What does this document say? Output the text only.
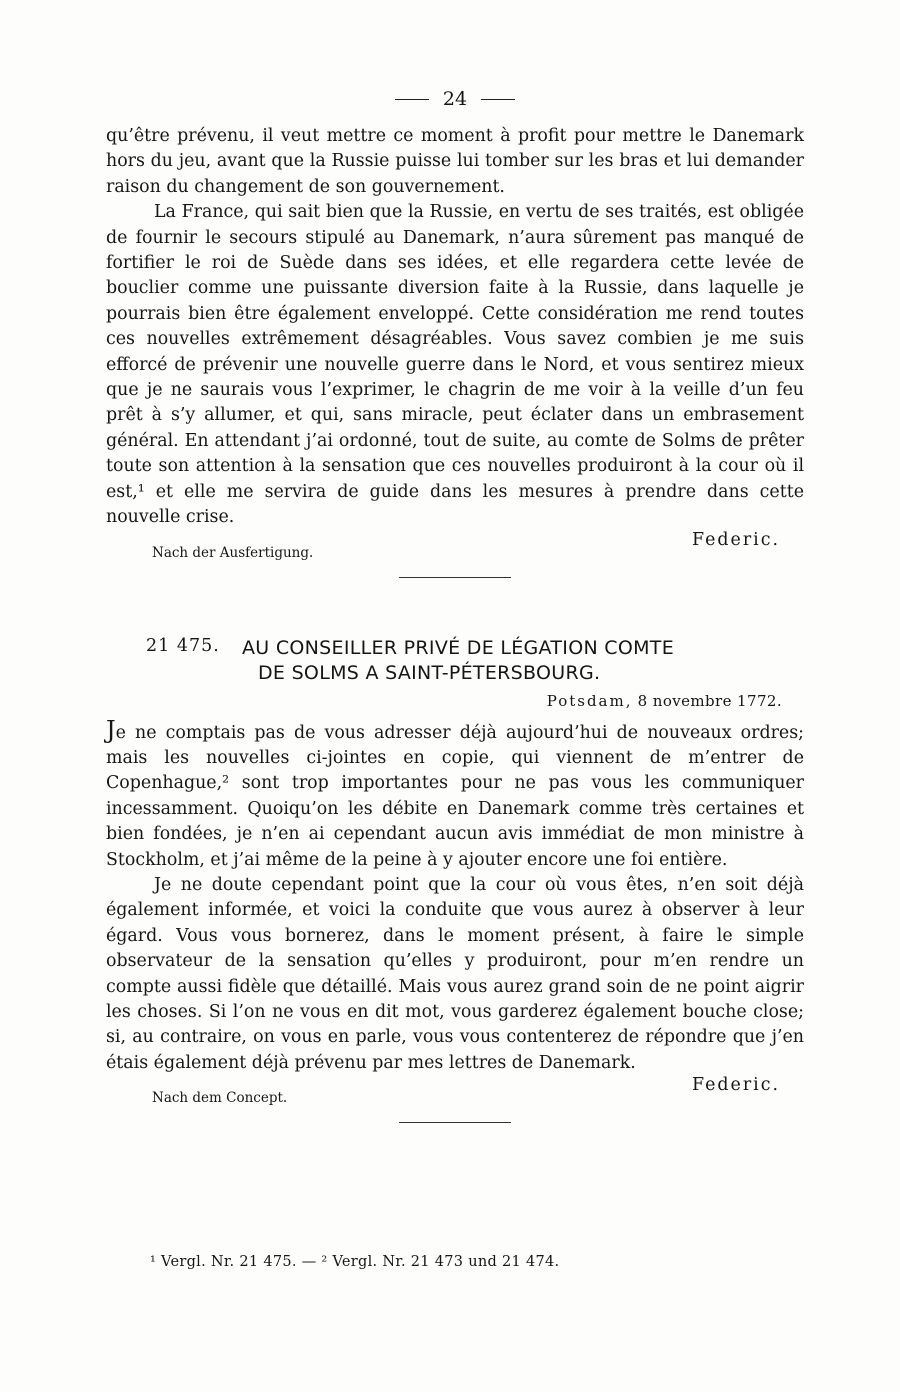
24

qu’être prévenu, il veut mettre ce moment à profit pour mettre le Danemark hors du jeu, avant que la Russie puisse lui tomber sur les bras et lui demander raison du changement de son gouvernement.

La France, qui sait bien que la Russie, en vertu de ses traités, est obligée de fournir le secours stipulé au Danemark, n’aura sûrement pas manqué de fortifier le roi de Suède dans ses idées, et elle regardera cette levée de bouclier comme une puissante diversion faite à la Russie, dans laquelle je pourrais bien être également enveloppé. Cette considération me rend toutes ces nouvelles extrêmement désagréables. Vous savez combien je me suis efforcé de prévenir une nouvelle guerre dans le Nord, et vous sentirez mieux que je ne saurais vous l’exprimer, le chagrin de me voir à la veille d’un feu prêt à s’y allumer, et qui, sans miracle, peut éclater dans un embrasement général. En attendant j’ai ordonné, tout de suite, au comte de Solms de prêter toute son attention à la sensation que ces nouvelles produiront à la cour où il est,¹ et elle me servira de guide dans les mesures à prendre dans cette nouvelle crise.

Federic.
Nach der Ausfertigung.
21 475. AU CONSEILLER PRIVÉ DE LÉGATION COMTE
DE SOLMS A SAINT-PÉTERSBOURG.
Potsdam, 8 novembre 1772.

Je ne comptais pas de vous adresser déjà aujourd’hui de nouveaux ordres; mais les nouvelles ci-jointes en copie, qui viennent de m’entrer de Copenhague,² sont trop importantes pour ne pas vous les communiquer incessamment. Quoiqu’on les débite en Danemark comme très certaines et bien fondées, je n’en ai cependant aucun avis immédiat de mon ministre à Stockholm, et j’ai même de la peine à y ajouter encore une foi entière.

Je ne doute cependant point que la cour où vous êtes, n’en soit déjà également informée, et voici la conduite que vous aurez à observer à leur égard. Vous vous bornerez, dans le moment présent, à faire le simple observateur de la sensation qu’elles y produiront, pour m’en rendre un compte aussi fidèle que détaillé. Mais vous aurez grand soin de ne point aigrir les choses. Si l’on ne vous en dit mot, vous garderez également bouche close; si, au contraire, on vous en parle, vous vous contenterez de répondre que j’en étais également déjà prévenu par mes lettres de Danemark.

Federic.
Nach dem Concept.
¹ Vergl. Nr. 21 475. — ² Vergl. Nr. 21 473 und 21 474.
